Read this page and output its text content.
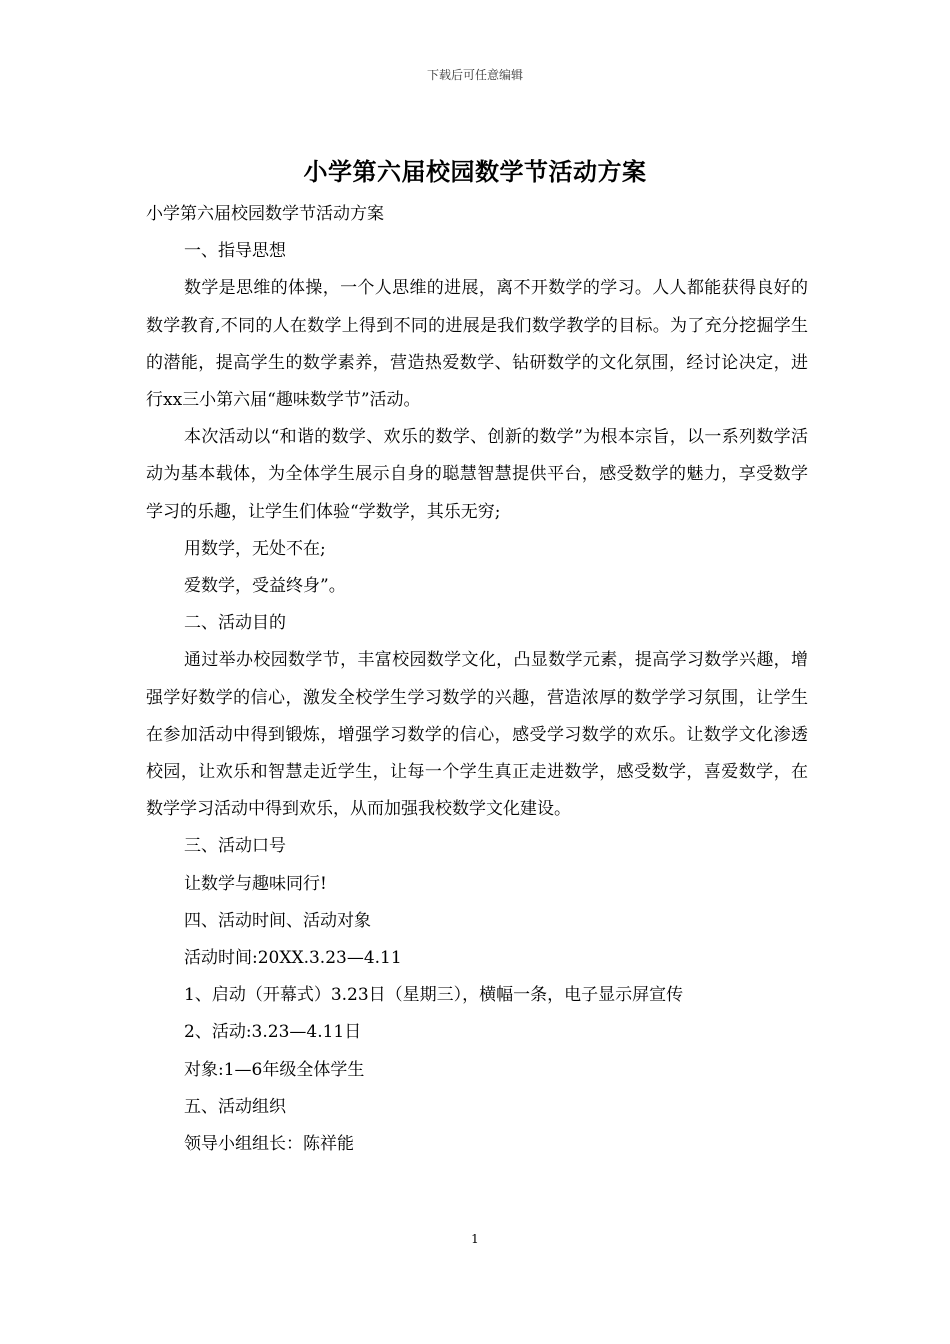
下载后可任意编辑
小学第六届校园数学节活动方案

小学第六届校园数学节活动方案

一、指导思想

数学是思维的体操，一个人思维的进展，离不开数学的学习。人人都能获得良好的数学教育,不同的人在数学上得到不同的进展是我们数学教学的目标。为了充分挖掘学生的潜能，提高学生的数学素养，营造热爱数学、钻研数学的文化氛围，经讨论决定，进行xx三小第六届“趣味数学节”活动。

本次活动以“和谐的数学、欢乐的数学、创新的数学”为根本宗旨，以一系列数学活动为基本载体，为全体学生展示自身的聪慧智慧提供平台，感受数学的魅力，享受数学学习的乐趣，让学生们体验“学数学，其乐无穷;

用数学，无处不在;

爱数学，受益终身”。

二、活动目的

通过举办校园数学节，丰富校园数学文化，凸显数学元素，提高学习数学兴趣，增强学好数学的信心，激发全校学生学习数学的兴趣，营造浓厚的数学学习氛围，让学生在参加活动中得到锻炼，增强学习数学的信心，感受学习数学的欢乐。让数学文化渗透校园，让欢乐和智慧走近学生，让每一个学生真正走进数学，感受数学，喜爱数学，在数学学习活动中得到欢乐，从而加强我校数学文化建设。

三、活动口号

让数学与趣味同行!

四、活动时间、活动对象

活动时间:20XX.3.23—4.11

1、启动（开幕式）3.23日（星期三），横幅一条，电子显示屏宣传

2、活动:3.23—4.11日

对象:1—6年级全体学生

五、活动组织

领导小组组长：陈祥能

1
